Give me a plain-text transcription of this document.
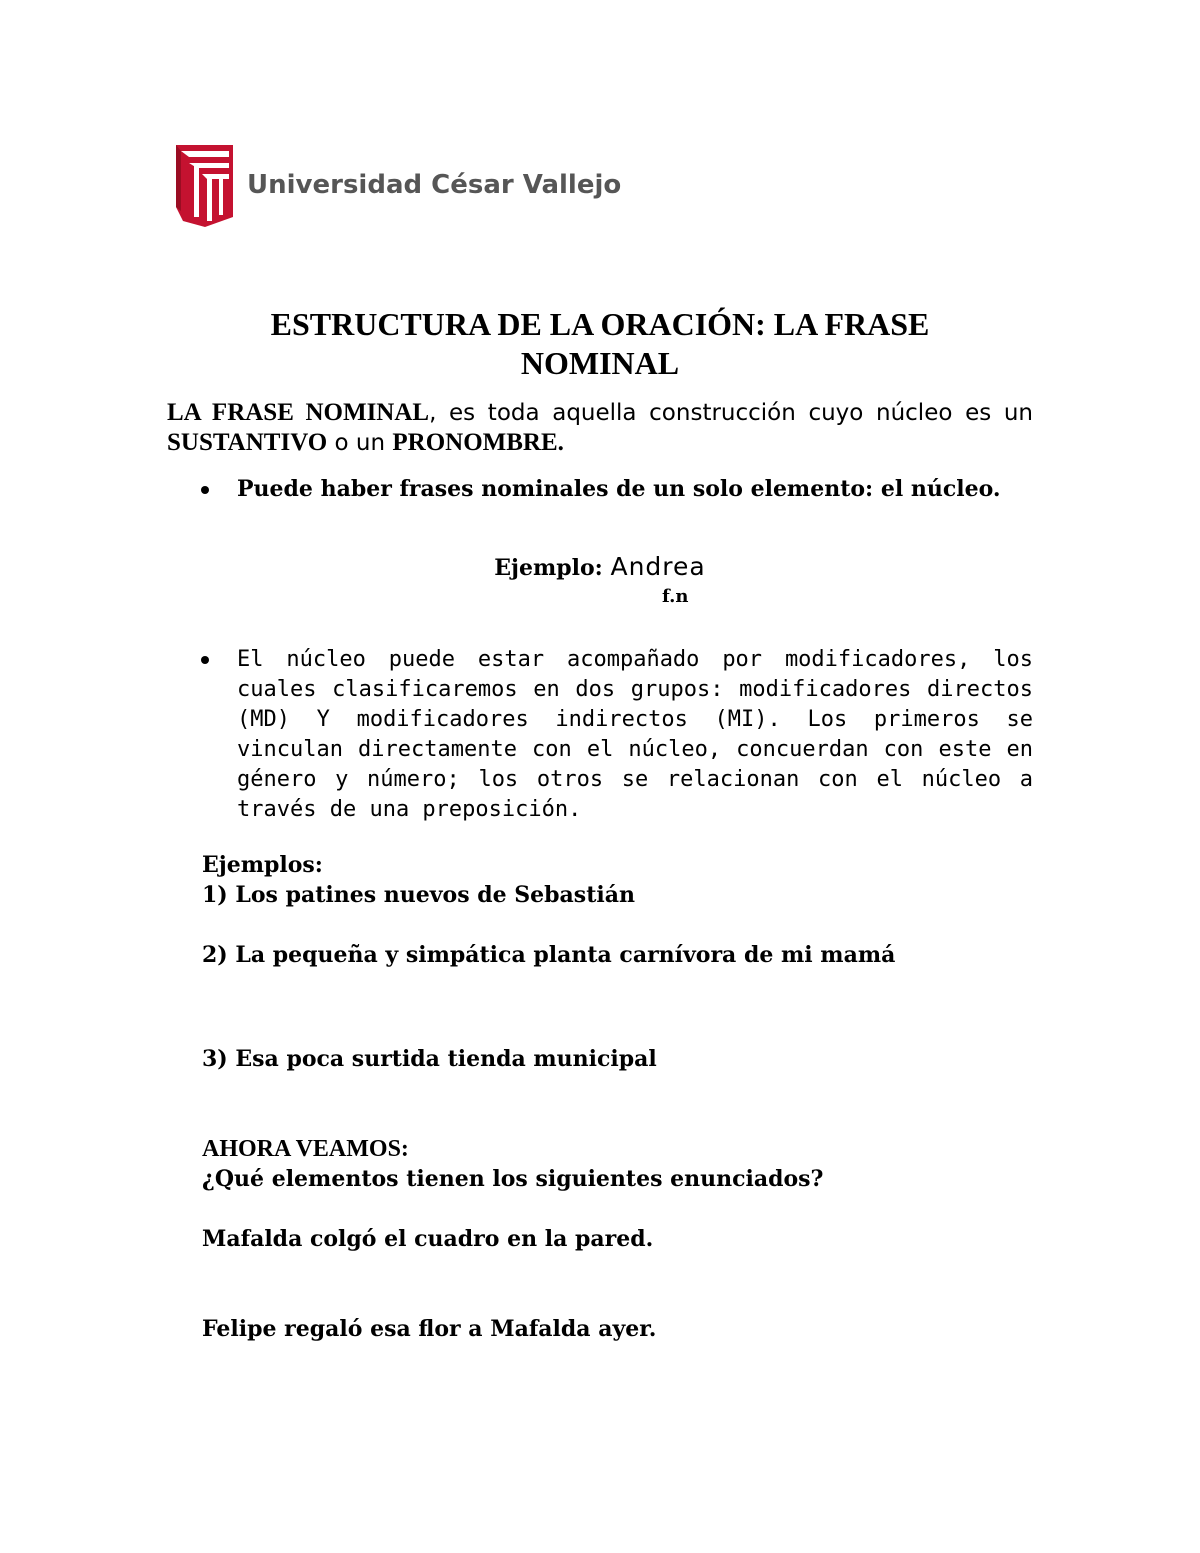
Universidad César Vallejo
ESTRUCTURA DE LA ORACIÓN: LA FRASE NOMINAL

LA FRASE NOMINAL, es toda aquella construcción cuyo núcleo es un SUSTANTIVO o un PRONOMBRE.

Puede haber frases nominales de un solo elemento: el núcleo.

Ejemplo: Andrea
f.n

El núcleo puede estar acompañado por modificadores, los cuales clasificaremos en dos grupos: modificadores directos (MD) Y modificadores indirectos (MI). Los primeros se vinculan directamente con el núcleo, concuerdan con este en género y número; los otros se relacionan con el núcleo a través de una preposición.

Ejemplos:
1) Los patines nuevos de Sebastián
2) La pequeña y simpática planta carnívora de mi mamá
3) Esa poca surtida tienda municipal
AHORA VEAMOS:
¿Qué elementos tienen los siguientes enunciados?
Mafalda colgó el cuadro en la pared.
Felipe regaló esa flor a Mafalda ayer.
